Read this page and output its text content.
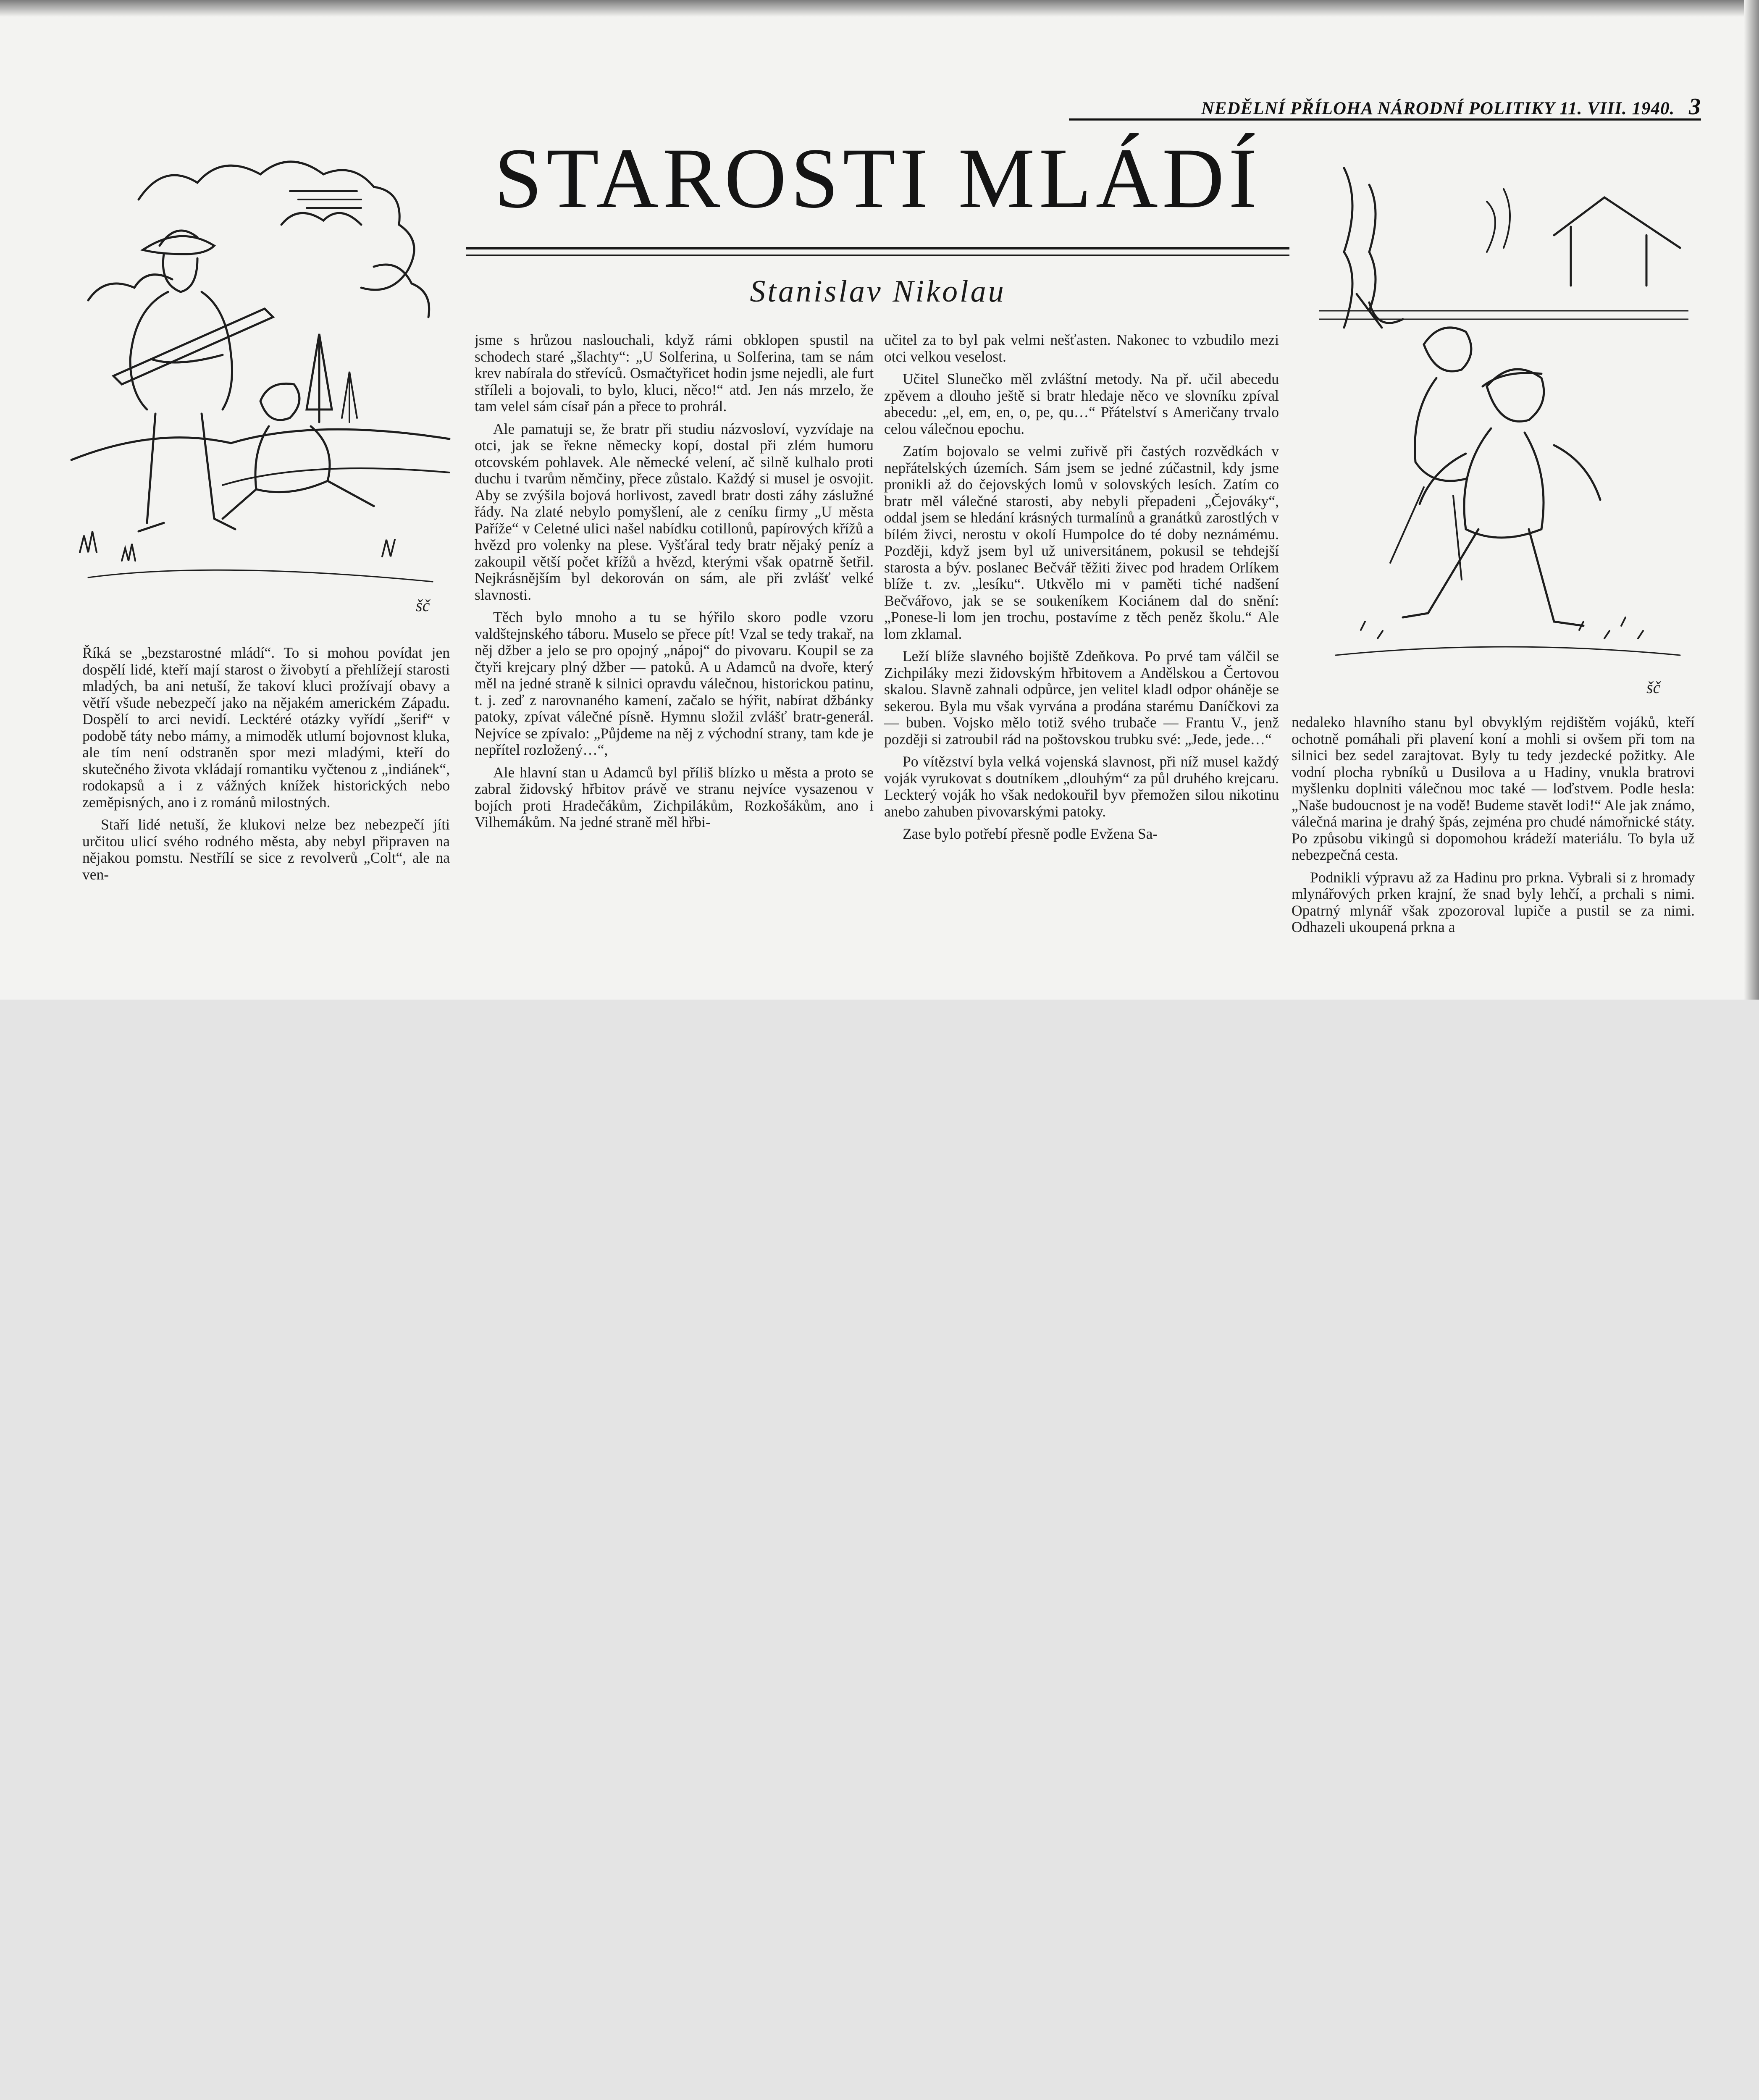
NEDĚLNÍ PŘÍLOHA NÁRODNÍ POLITIKY 11. VIII. 1940. 3
STAROSTI MLÁDÍ
Stanislav Nikolau
šč
šč

Říká se „bezstarostné mládí“. To si mohou povídat jen dospělí lidé, kteří mají starost o živobytí a přehlížejí starosti mladých, ba ani netuší, že takoví kluci prožívají obavy a větří všude nebezpečí jako na nějakém americkém Západu. Dospělí to arci nevidí. Lecktéré otázky vyřídí „šerif“ v podobě táty nebo mámy, a mimoděk utlumí bojovnost kluka, ale tím není odstraněn spor mezi mladými, kteří do skutečného života vkládají romantiku vyčtenou z „indiánek“, rodokapsů a i z vážných knížek historických nebo zeměpisných, ano i z románů milostných.

Staří lidé netuší, že klukovi nelze bez nebezpečí jíti určitou ulicí svého rodného města, aby nebyl připraven na nějakou pomstu. Nestřílí se sice z revolverů „Colt“, ale na ven-

jsme s hrůzou naslouchali, když rámi obklopen spustil na schodech staré „šlachty“: „U Solferina, u Solferina, tam se nám krev nabírala do střevíců. Osmačtyřicet hodin jsme nejedli, ale furt stříleli a bojovali, to bylo, kluci, něco!“ atd. Jen nás mrzelo, že tam velel sám císař pán a přece to prohrál.

Ale pamatuji se, že bratr při studiu názvosloví, vyzvídaje na otci, jak se řekne německy kopí, dostal při zlém humoru otcovském pohlavek. Ale německé velení, ač silně kulhalo proti duchu i tvarům němčiny, přece zůstalo. Každý si musel je osvojit. Aby se zvýšila bojová horlivost, zavedl bratr dosti záhy záslužné řády. Na zlaté nebylo pomyšlení, ale z ceníku firmy „U města Paříže“ v Celetné ulici našel nabídku cotillonů, papírových křížů a hvězd pro volenky na plese. Vyšťáral tedy bratr nějaký peníz a zakoupil větší počet křížů a hvězd, kterými však opatrně šetřil. Nejkrásnějším byl dekorován on sám, ale při zvlášť velké slavnosti.

Těch bylo mnoho a tu se hýřilo skoro podle vzoru valdštejnského táboru. Muselo se přece pít! Vzal se tedy trakař, na něj džber a jelo se pro opojný „nápoj“ do pivovaru. Koupil se za čtyři krejcary plný džber — patoků. A u Adamců na dvoře, který měl na jedné straně k silnici opravdu válečnou, historickou patinu, t. j. zeď z narovnaného kamení, začalo se hýřit, nabírat džbánky patoky, zpívat válečné písně. Hymnu složil zvlášť bratr-generál. Nejvíce se zpívalo: „Půjdeme na něj z východní strany, tam kde je nepřítel rozložený…“,

Ale hlavní stan u Adamců byl příliš blízko u města a proto se zabral židovský hřbitov právě ve stranu nejvíce vysazenou v bojích proti Hradečákům, Zichpilákům, Rozkošákům, ano i Vilhemákům. Na jedné straně měl hřbi-

učitel za to byl pak velmi nešťasten. Nakonec to vzbudilo mezi otci velkou veselost.

Učitel Slunečko měl zvláštní metody. Na př. učil abecedu zpěvem a dlouho ještě si bratr hledaje něco ve slovníku zpíval abecedu: „el, em, en, o, pe, qu…“ Přátelství s Američany trvalo celou válečnou epochu.

Zatím bojovalo se velmi zuřivě při častých rozvědkách v nepřátelských územích. Sám jsem se jedné zúčastnil, kdy jsme pronikli až do čejovských lomů v solovských lesích. Zatím co bratr měl válečné starosti, aby nebyli přepadeni „Čejováky“, oddal jsem se hledání krásných turmalínů a granátků zarostlých v bílém živci, nerostu v okolí Humpolce do té doby neznámému. Později, když jsem byl už universitánem, pokusil se tehdejší starosta a býv. poslanec Bečvář těžiti živec pod hradem Orlíkem blíže t. zv. „lesíku“. Utkvělo mi v paměti tiché nadšení Bečvářovo, jak se se soukeníkem Kociánem dal do snění: „Ponese-li lom jen trochu, postavíme z těch peněz školu.“ Ale lom zklamal.

Leží blíže slavného bojiště Zdeňkova. Po prvé tam válčil se Zichpiláky mezi židovským hřbitovem a Andělskou a Čertovou skalou. Slavně zahnali odpůrce, jen velitel kladl odpor oháněje se sekerou. Byla mu však vyrvána a prodána starému Daníčkovi za — buben. Vojsko mělo totiž svého trubače — Frantu V., jenž později si zatroubil rád na poštovskou trubku své: „Jede, jede…“

Po vítězství byla velká vojenská slavnost, při níž musel každý voják vyrukovat s doutníkem „dlouhým“ za půl druhého krejcaru. Leckterý voják ho však nedokouřil byv přemožen silou nikotinu anebo zahuben pivovarskými patoky.

Zase bylo potřebí přesně podle Evžena Sa-

nedaleko hlavního stanu byl obvyklým rejdištěm vojáků, kteří ochotně pomáhali při plavení koní a mohli si ovšem při tom na silnici bez sedel zarajtovat. Byly tu tedy jezdecké požitky. Ale vodní plocha rybníků u Dusilova a u Hadiny, vnukla bratrovi myšlenku doplniti válečnou moc také — loďstvem. Podle hesla: „Naše budoucnost je na vodě! Budeme stavět lodi!“ Ale jak známo, válečná marina je drahý špás, zejména pro chudé námořnické státy. Po způsobu vikingů si dopomohou krádeží materiálu. To byla už nebezpečná cesta.

Podnikli výpravu až za Hadinu pro prkna. Vybrali si z hromady mlynářových prken krajní, že snad byly lehčí, a prchali s nimi. Opatrný mlynář však zpozoroval lupiče a pustil se za nimi. Odhazeli ukoupená prkna a
